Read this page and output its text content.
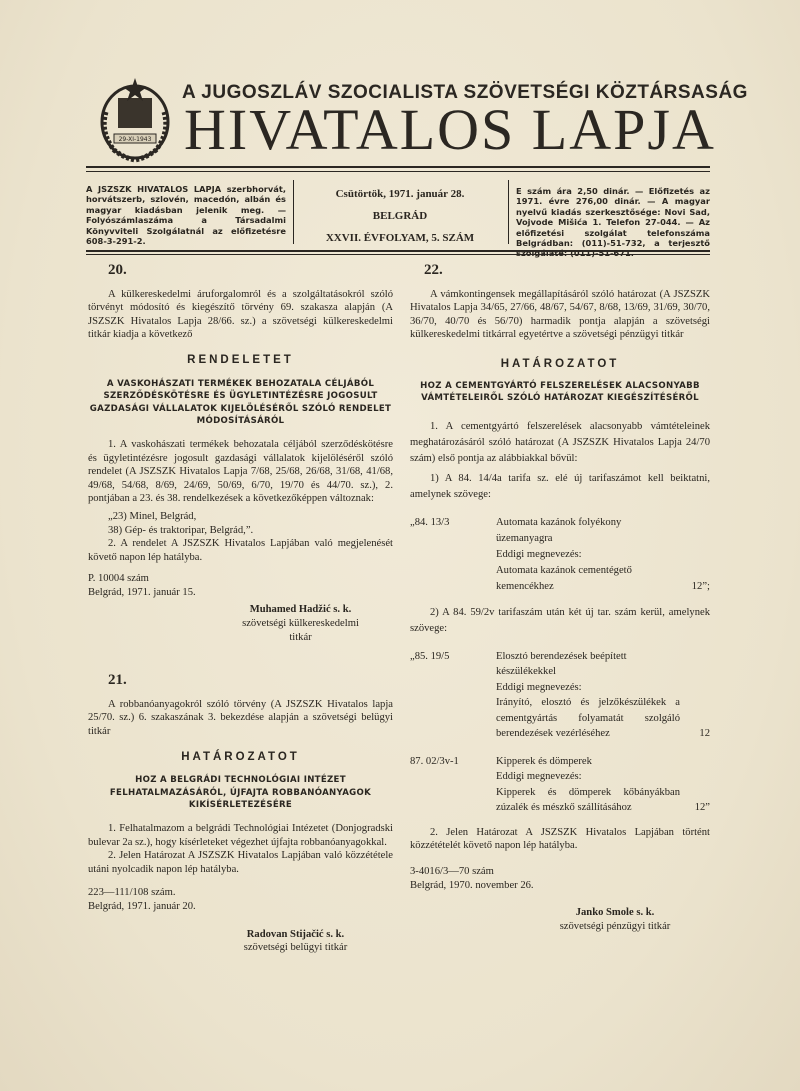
29-XI-1943
A JUGOSZLÁV SZOCIALISTA SZÖVETSÉGI KÖZTÁRSASÁG
HIVATALOS LAPJA
A JSZSZK HIVATALOS LAPJA szerbhorvát, horvátszerb, szlovén, macedón, albán és magyar kiadásban jelenik meg. — Folyószámlaszáma a Társadalmi Könyvviteli Szolgálatnál az előfizetésre 608-3-291-2.
Csütörtök, 1971. január 28.
BELGRÁD
XXVII. ÉVFOLYAM, 5. SZÁM
E szám ára 2,50 dinár. — Előfizetés az 1971. évre 276,00 dinár. — A magyar nyelvű kiadás szerkesztősége: Novi Sad, Vojvode Mišića 1. Telefon 27-044. — Az előfizetési szolgálat telefonszáma Belgrádban: (011)-51-732, a terjesztő
20.

A külkereskedelmi áruforgalomról és a szolgáltatásokról szóló törvényt módosító és kiegészítő törvény 69. szakasza alapján (A JSZSZK Hivatalos Lapja 28/66. sz.) a szövetségi külkereskedelmi titkár kiadja a következő

RENDELETET
A VASKOHÁSZATI TERMÉKEK BEHOZATALA CÉLJÁBÓL SZERZŐDÉSKÖTÉSRE ÉS ÜGYLETINTÉZÉSRE JOGOSULT GAZDASÁGI VÁLLALATOK KIJELÖLÉSÉRŐL SZÓLÓ RENDELET MÓDOSÍTÁSÁRÓL

1. A vaskohászati termékek behozatala céljából szerződéskötésre és ügyletintézésre jogosult gazdasági vállalatok kijelöléséről szóló rendelet (A JSZSZK Hivatalos Lapja 7/68, 25/68, 26/68, 31/68, 41/68, 49/68, 54/68, 8/69, 24/69, 50/69, 6/70, 19/70 és 44/70. sz.), 2. pontjában a 23. és 38. rendelkezések a következőképpen változnak:

„23) Minel, Belgrád,

38) Gép- és traktoripar, Belgrád,”.

2. A rendelet A JSZSZK Hivatalos Lapjában való megjelenését követő napon lép hatályba.

P. 10004 szám

Belgrád, 1971. január 15.

Muhamed Hadžić s. k.
szövetségi külkereskedelmi
titkár
21.

A robbanóanyagokról szóló törvény (A JSZSZK Hivatalos lapja 25/70. sz.) 6. szakaszának 3. bekezdése alapján a szövetségi belügyi titkár

HATÁROZATOT
HOZ A BELGRÁDI TECHNOLÓGIAI INTÉZET FELHATALMAZÁSÁRÓL, ÚJFAJTA ROBBANÓANYAGOK KIKÍSÉRLETEZÉSÉRE

1. Felhatalmazom a belgrádi Technológiai Intézetet (Donjogradski bulevar 2a sz.), hogy kísérleteket végezhet újfajta robbanóanyagokkal.

2. Jelen Határozat A JSZSZK Hivatalos Lapjában való közzététele utáni nyolcadik napon lép hatályba.

223—111/108 szám.

Belgrád, 1971. január 20.

Radovan Stijačić s. k.
szövetségi belügyi titkár
22.

A vámkontingensek megállapításáról szóló határozat (A JSZSZK Hivatalos Lapja 34/65, 27/66, 48/67, 54/67, 8/68, 13/69, 31/69, 30/70, 36/70, 40/70 és 56/70) harmadik pontja alapján a szövetségi külkereskedelmi titkárral egyetértve a szövetségi pénzügyi titkár

HATÁROZATOT
HOZ A CEMENTGYÁRTÓ FELSZERELÉSEK ALACSONYABB VÁMTÉTELEIRŐL SZÓLÓ HATÁROZAT KIEGÉSZÍTÉSÉRŐL

1. A cementgyártó felszerelések alacsonyabb vámtételeinek meghatározásáról szóló határozat (A JSZSZK Hivatalos Lapja 24/70 szám) első pontja az alábbiakkal bővül:

1) A 84. 14/4a tarifa sz. elé új tarifaszámot kell beiktatni, amelynek szövege:

„84. 13/3	Automata kazánok folyékony
üzemanyagra
Eddigi megnevezés:
Automata kazánok cementégető
kemencékhez	12”;

2) A 84. 59/2v tarifaszám után két új tar. szám kerül, amelynek szövege:

„85. 19/5	Elosztó berendezések beépített
készülékekkel
Eddigi megnevezés:
Irányító, elosztó és jelzőkészülékek a cementgyártás folyamatát szolgáló berendezések vezérléséhez	12
87. 02/3v-1	Kipperek és dömperek
Eddigi megnevezés:
Kipperek és dömperek kőbányákban zúzalék és mészkő szállításához	12”

2. Jelen Határozat A JSZSZK Hivatalos Lapjában történt közzétételét követő napon lép hatályba.

3-4016/3—70 szám

Belgrád, 1970. november 26.

Janko Smole s. k.
szövetségi pénzügyi titkár
